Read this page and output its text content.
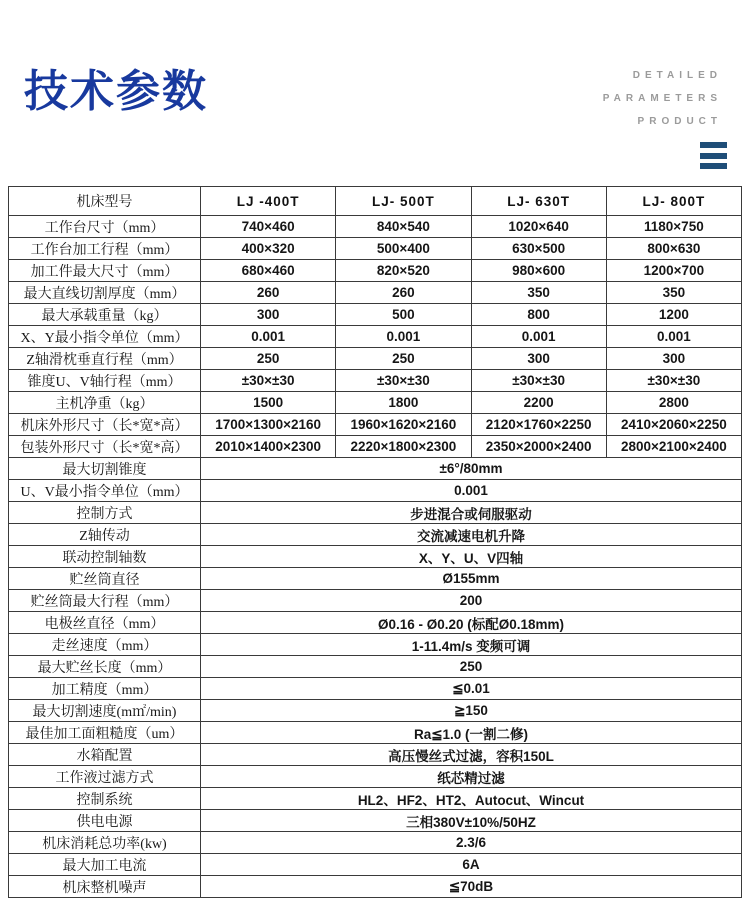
技术参数	DETAILED
PARAMETERS
PRODUCT
机床型号	LJ -400T	LJ- 500T	LJ- 630T	LJ- 800T
工作台尺寸（mm）	740×460	840×540	1020×640	1180×750
工作台加工行程（mm）	400×320	500×400	630×500	800×630
加工件最大尺寸（mm）	680×460	820×520	980×600	1200×700
最大直线切割厚度（mm）	260	260	350	350
最大承载重量（kg）	300	500	800	1200
X、Y最小指令单位（mm）	0.001	0.001	0.001	0.001
Z轴滑枕垂直行程（mm）	250	250	300	300
锥度U、V轴行程（mm）	±30×±30	±30×±30	±30×±30	±30×±30
主机净重（kg）	1500	1800	2200	2800
机床外形尺寸（长*宽*高）	1700×1300×2160	1960×1620×2160	2120×1760×2250	2410×2060×2250
包装外形尺寸（长*宽*高）	2010×1400×2300	2220×1800×2300	2350×2000×2400	2800×2100×2400
最大切割锥度	±6°/80mm			
U、V最小指令单位（mm）	0.001			
控制方式	步进混合或伺服驱动			
Z轴传动	交流减速电机升降			
联动控制轴数	X、Y、U、V四轴			
贮丝筒直径	Ø155mm			
贮丝筒最大行程（mm）	200			
电极丝直径（mm）	Ø0.16 - Ø0.20 (标配Ø0.18mm)			
走丝速度（mm）	1-11.4m/s 变频可调			
最大贮丝长度（mm）	250			
加工精度（mm）	≦0.01			
最大切割速度(m㎡/min)	≧150			
最佳加工面粗糙度（um）	Ra≦1.0 (一割二修)			
水箱配置	高压慢丝式过滤，容积150L			
工作液过滤方式	纸芯精过滤			
控制系统	HL2、HF2、HT2、Autocut、Wincut			
供电电源	三相380V±10%/50HZ			
机床消耗总功率(kw)	2.3/6			
最大加工电流	6A			
机床整机噪声	≦70dB			
